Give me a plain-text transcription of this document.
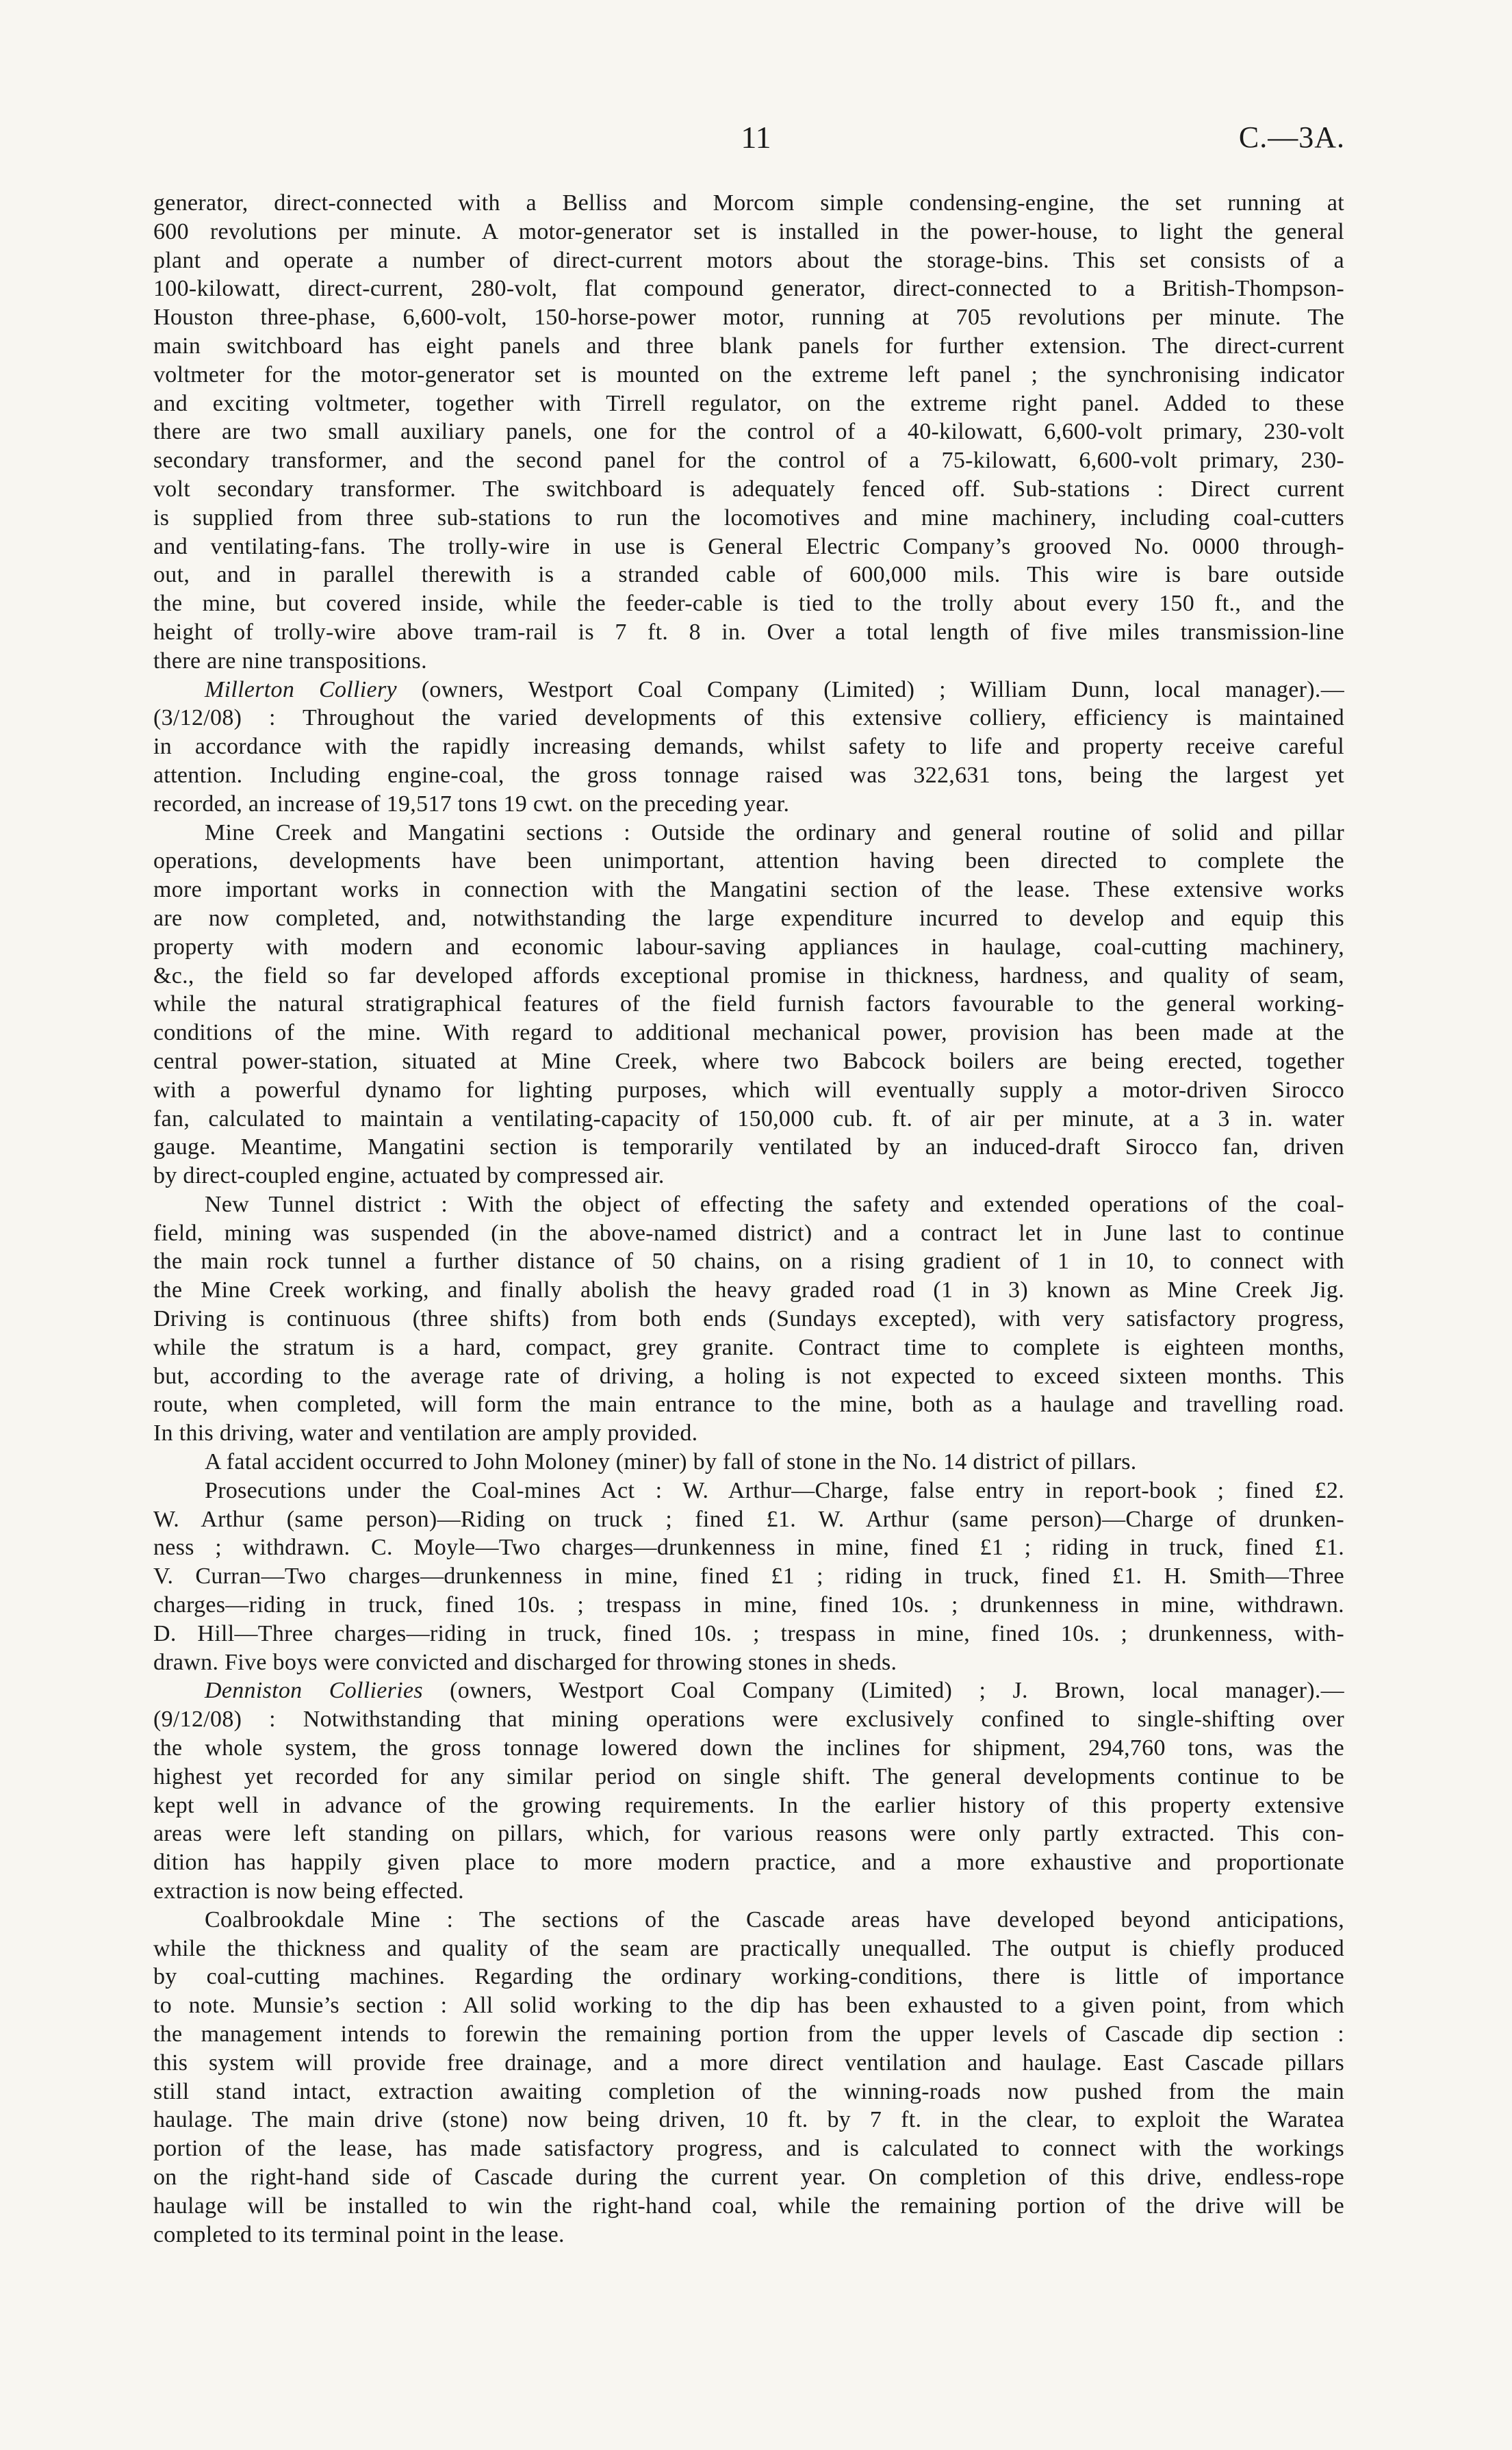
11	C.—3A.
generator, direct-connected with a Belliss and Morcom simple condensing-engine, the set running at
600 revolutions per minute. A motor-generator set is installed in the power-house, to light the general
plant and operate a number of direct-current motors about the storage-bins. This set consists of a
100-kilowatt, direct-current, 280-volt, flat compound generator, direct-connected to a British-Thompson-
Houston three-phase, 6,600-volt, 150-horse-power motor, running at 705 revolutions per minute. The
main switchboard has eight panels and three blank panels for further extension. The direct-current
voltmeter for the motor-generator set is mounted on the extreme left panel ; the synchronising indicator
and exciting voltmeter, together with Tirrell regulator, on the extreme right panel. Added to these
there are two small auxiliary panels, one for the control of a 40-kilowatt, 6,600-volt primary, 230-volt
secondary transformer, and the second panel for the control of a 75-kilowatt, 6,600-volt primary, 230-
volt secondary transformer. The switchboard is adequately fenced off. Sub-stations : Direct current
is supplied from three sub-stations to run the locomotives and mine machinery, including coal-cutters
and ventilating-fans. The trolly-wire in use is General Electric Company’s grooved No. 0000 through-
out, and in parallel therewith is a stranded cable of 600,000 mils. This wire is bare outside
the mine, but covered inside, while the feeder-cable is tied to the trolly about every 150 ft., and the
height of trolly-wire above tram-rail is 7 ft. 8 in. Over a total length of five miles transmission-line
there are nine transpositions.
Millerton Colliery (owners, Westport Coal Company (Limited) ; William Dunn, local manager).—
(3/12/08) : Throughout the varied developments of this extensive colliery, efficiency is maintained
in accordance with the rapidly increasing demands, whilst safety to life and property receive careful
attention. Including engine-coal, the gross tonnage raised was 322,631 tons, being the largest yet
recorded, an increase of 19,517 tons 19 cwt. on the preceding year.
Mine Creek and Mangatini sections : Outside the ordinary and general routine of solid and pillar
operations, developments have been unimportant, attention having been directed to complete the
more important works in connection with the Mangatini section of the lease. These extensive works
are now completed, and, notwithstanding the large expenditure incurred to develop and equip this
property with modern and economic labour-saving appliances in haulage, coal-cutting machinery,
&c., the field so far developed affords exceptional promise in thickness, hardness, and quality of seam,
while the natural stratigraphical features of the field furnish factors favourable to the general working-
conditions of the mine. With regard to additional mechanical power, provision has been made at the
central power-station, situated at Mine Creek, where two Babcock boilers are being erected, together
with a powerful dynamo for lighting purposes, which will eventually supply a motor-driven Sirocco
fan, calculated to maintain a ventilating-capacity of 150,000 cub. ft. of air per minute, at a 3 in. water
gauge. Meantime, Mangatini section is temporarily ventilated by an induced-draft Sirocco fan, driven
by direct-coupled engine, actuated by compressed air.
New Tunnel district : With the object of effecting the safety and extended operations of the coal-
field, mining was suspended (in the above-named district) and a contract let in June last to continue
the main rock tunnel a further distance of 50 chains, on a rising gradient of 1 in 10, to connect with
the Mine Creek working, and finally abolish the heavy graded road (1 in 3) known as Mine Creek Jig.
Driving is continuous (three shifts) from both ends (Sundays excepted), with very satisfactory progress,
while the stratum is a hard, compact, grey granite. Contract time to complete is eighteen months,
but, according to the average rate of driving, a holing is not expected to exceed sixteen months. This
route, when completed, will form the main entrance to the mine, both as a haulage and travelling road.
In this driving, water and ventilation are amply provided.
A fatal accident occurred to John Moloney (miner) by fall of stone in the No. 14 district of pillars.
Prosecutions under the Coal-mines Act : W. Arthur—Charge, false entry in report-book ; fined £2.
W. Arthur (same person)—Riding on truck ; fined £1. W. Arthur (same person)—Charge of drunken-
ness ; withdrawn. C. Moyle—Two charges—drunkenness in mine, fined £1 ; riding in truck, fined £1.
V. Curran—Two charges—drunkenness in mine, fined £1 ; riding in truck, fined £1. H. Smith—Three
charges—riding in truck, fined 10s. ; trespass in mine, fined 10s. ; drunkenness in mine, withdrawn.
D. Hill—Three charges—riding in truck, fined 10s. ; trespass in mine, fined 10s. ; drunkenness, with-
drawn. Five boys were convicted and discharged for throwing stones in sheds.
Denniston Collieries (owners, Westport Coal Company (Limited) ; J. Brown, local manager).—
(9/12/08) : Notwithstanding that mining operations were exclusively confined to single-shifting over
the whole system, the gross tonnage lowered down the inclines for shipment, 294,760 tons, was the
highest yet recorded for any similar period on single shift. The general developments continue to be
kept well in advance of the growing requirements. In the earlier history of this property extensive
areas were left standing on pillars, which, for various reasons were only partly extracted. This con-
dition has happily given place to more modern practice, and a more exhaustive and proportionate
extraction is now being effected.
Coalbrookdale Mine : The sections of the Cascade areas have developed beyond anticipations,
while the thickness and quality of the seam are practically unequalled. The output is chiefly produced
by coal-cutting machines. Regarding the ordinary working-conditions, there is little of importance
to note. Munsie’s section : All solid working to the dip has been exhausted to a given point, from which
the management intends to forewin the remaining portion from the upper levels of Cascade dip section :
this system will provide free drainage, and a more direct ventilation and haulage. East Cascade pillars
still stand intact, extraction awaiting completion of the winning-roads now pushed from the main
haulage. The main drive (stone) now being driven, 10 ft. by 7 ft. in the clear, to exploit the Waratea
portion of the lease, has made satisfactory progress, and is calculated to connect with the workings
on the right-hand side of Cascade during the current year. On completion of this drive, endless-rope
haulage will be installed to win the right-hand coal, while the remaining portion of the drive will be
completed to its terminal point in the lease.
